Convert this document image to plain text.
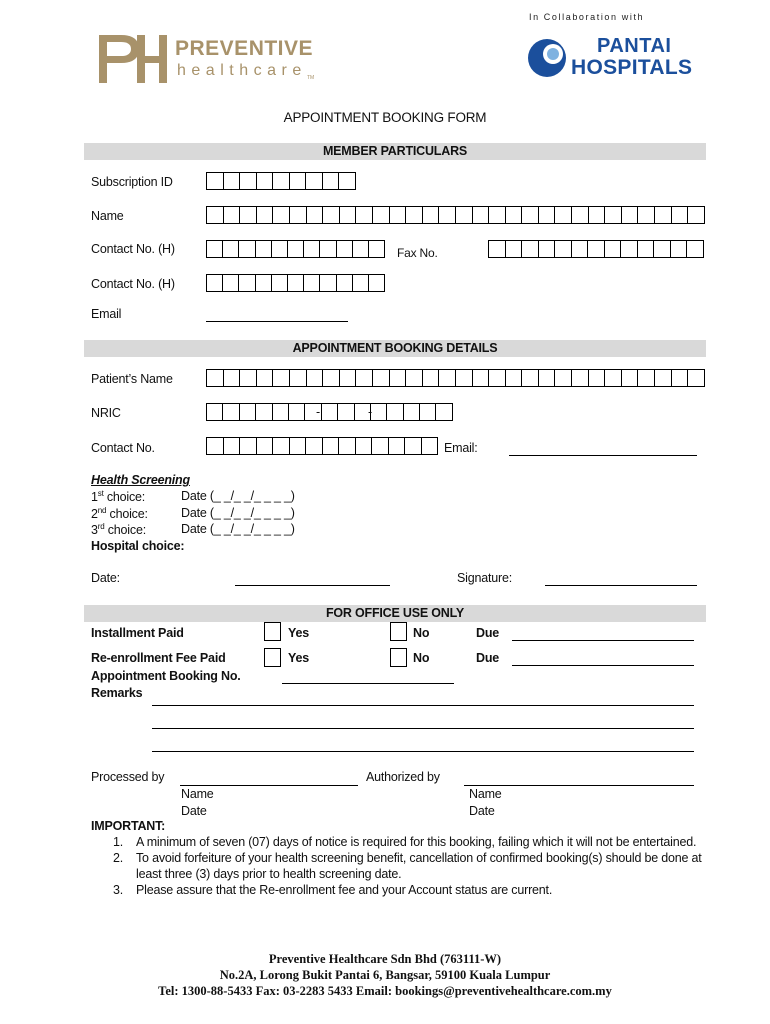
In Collaboration with
PREVENTIVE
healthcare TM
PANTAI
HOSPITALS
APPOINTMENT BOOKING FORM
MEMBER PARTICULARS
Subscription ID
Name
Contact No. (H)	Fax No.
Contact No. (H)
Email
APPOINTMENT BOOKING DETAILS
Patient’s Name
NRIC	-	-
Contact No.	Email:
Health Screening
1st choice:	Date (_ _/_ _/_ _ _ _)
2nd choice:	Date (_ _/_ _/_ _ _ _)
3rd choice:	Date (_ _/_ _/_ _ _ _)
Hospital choice:
Date:	Signature:
FOR OFFICE USE ONLY
Installment Paid	Yes	No	Due
Re-enrollment Fee Paid	Yes	No	Due
Appointment Booking No.
Remarks
Processed by
Name
Date
Authorized by
Name
Date
IMPORTANT:
1. A minimum of seven (07) days of notice is required for this booking, failing which it will not be entertained.
2. To avoid forfeiture of your health screening benefit, cancellation of confirmed booking(s) should be done at
least three (3) days prior to health screening date.
3. Please assure that the Re-enrollment fee and your Account status are current.
Preventive Healthcare Sdn Bhd (763111-W)
No.2A, Lorong Bukit Pantai 6, Bangsar, 59100 Kuala Lumpur
Tel: 1300-88-5433 Fax: 03-2283 5433 Email: bookings@preventivehealthcare.com.my
